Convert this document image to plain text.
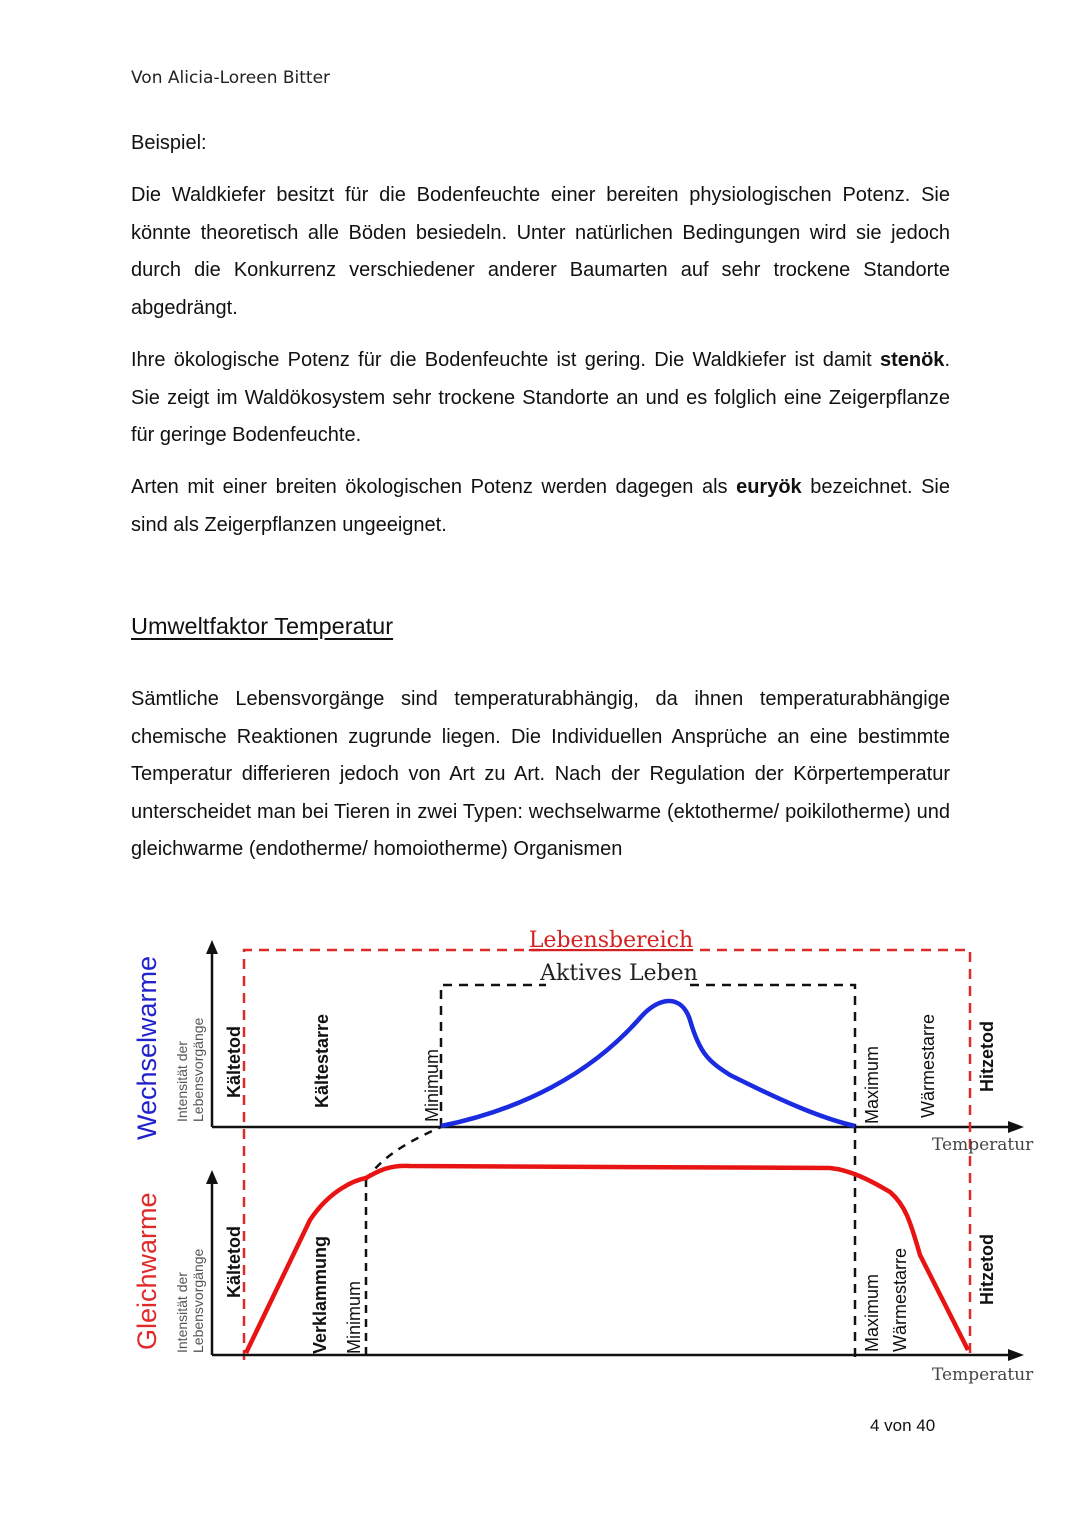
Von Alicia-Loreen Bitter

Beispiel:

Die Waldkiefer besitzt für die Bodenfeuchte einer bereiten physiologischen Potenz. Sie könnte theoretisch alle Böden besiedeln. Unter natürlichen Bedingungen wird sie jedoch durch die Konkurrenz verschiedener anderer Baumarten auf sehr trockene Standorte abgedrängt.

Ihre ökologische Potenz für die Bodenfeuchte ist gering. Die Waldkiefer ist damit stenök. Sie zeigt im Waldökosystem sehr trockene Standorte an und es folglich eine Zeigerpflanze für geringe Bodenfeuchte.

Arten mit einer breiten ökologischen Potenz werden dagegen als euryök bezeichnet. Sie sind als Zeigerpflanzen ungeeignet.

Umweltfaktor Temperatur

Sämtliche Lebensvorgänge sind temperaturabhängig, da ihnen temperaturabhängige chemische Reaktionen zugrunde liegen. Die Individuellen Ansprüche an eine bestimmte Temperatur differieren jedoch von Art zu Art. Nach der Regulation der Körpertemperatur unterscheidet man bei Tieren in zwei Typen: wechselwarme (ektotherme/ poikilotherme) und gleichwarme (endotherme/ homoiotherme) Organismen

Wechselwarme Intensität der Lebensvorgänge
Lebensbereich
Aktives Leben
Kältetod	Kältestarre	Minimum	Maximum Wärmestarre Hitzetod
Temperatur
Gleichwarme Intensität der Lebensvorgänge Kältetod	Verklammung Minimum	Maximum Wärmestarre	Hitzetod
Temperatur
4 von 40
